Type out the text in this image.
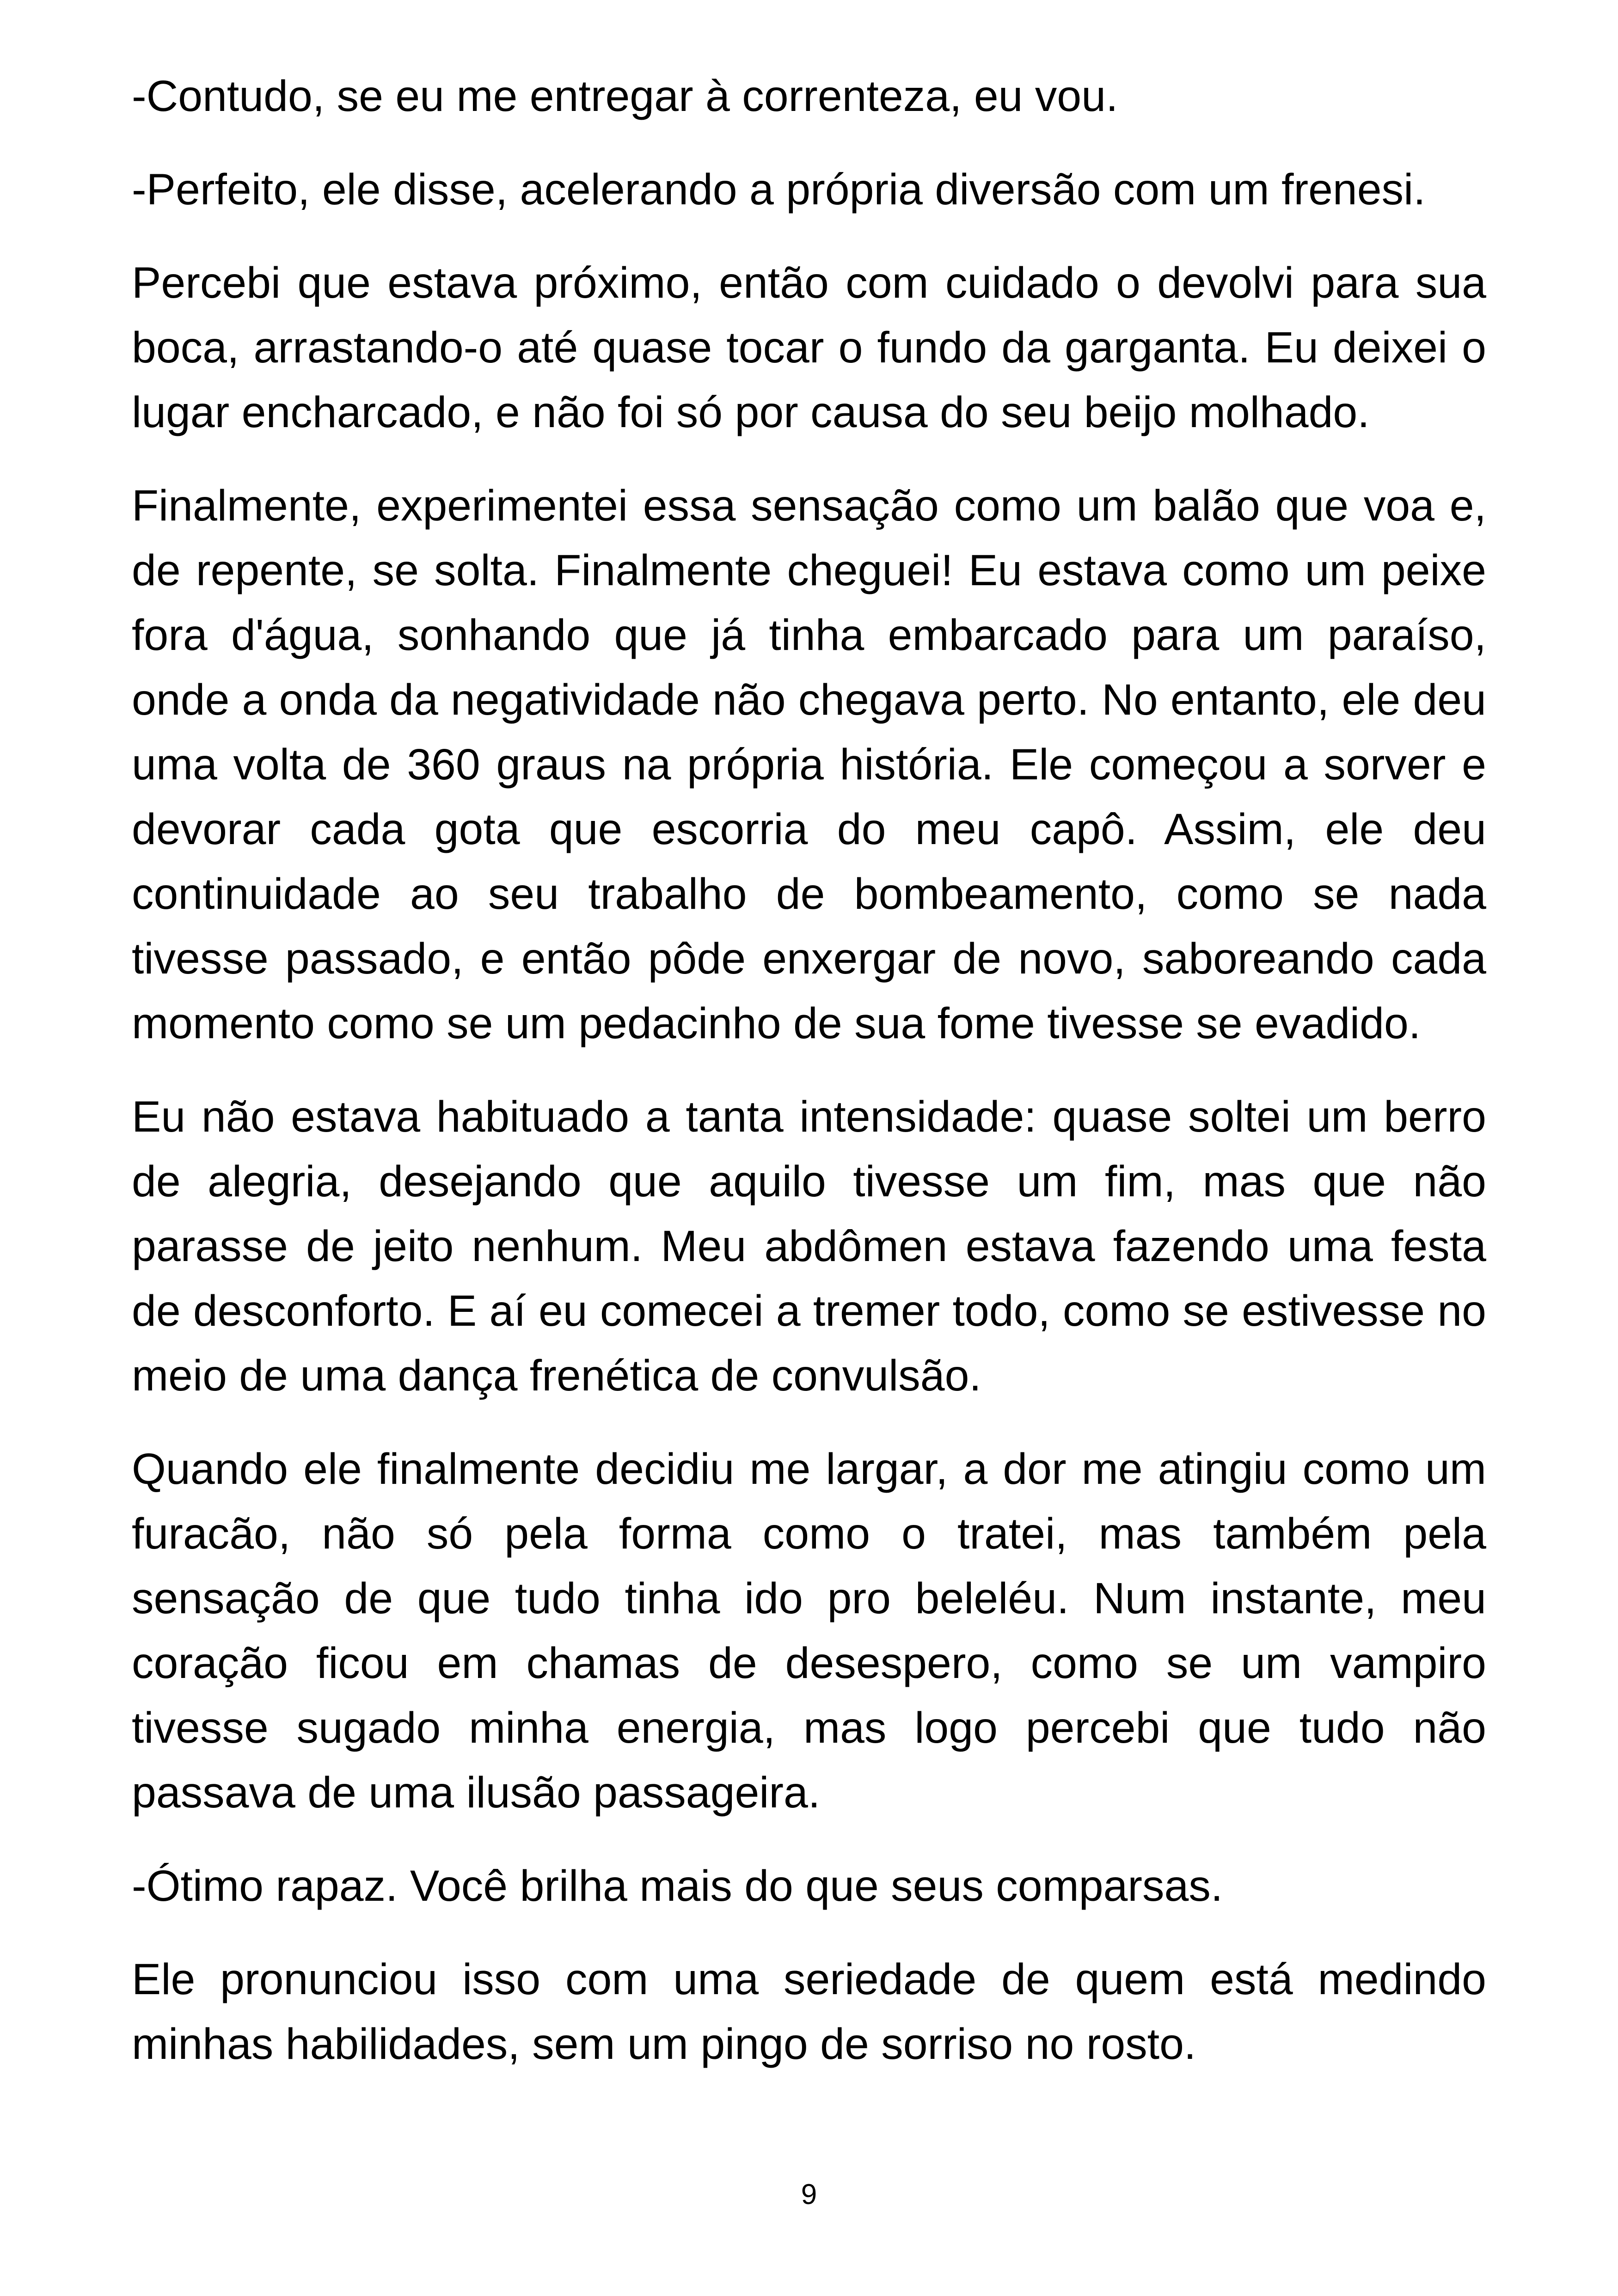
-Contudo, se eu me entregar à correnteza, eu vou.

-Perfeito, ele disse, acelerando a própria diversão com um frenesi.

Percebi que estava próximo, então com cuidado o devolvi para sua boca, arrastando-o até quase tocar o fundo da garganta. Eu deixei o lugar encharcado, e não foi só por causa do seu beijo molhado.

Finalmente, experimentei essa sensação como um balão que voa e, de repente, se solta. Finalmente cheguei! Eu estava como um peixe fora d'água, sonhando que já tinha embarcado para um paraíso, onde a onda da negatividade não chegava perto. No entanto, ele deu uma volta de 360 graus na própria história. Ele começou a sorver e devorar cada gota que escorria do meu capô. Assim, ele deu continuidade ao seu trabalho de bombeamento, como se nada tivesse passado, e então pôde enxergar de novo, saboreando cada momento como se um pedacinho de sua fome tivesse se evadido.

Eu não estava habituado a tanta intensidade: quase soltei um berro de alegria, desejando que aquilo tivesse um fim, mas que não parasse de jeito nenhum. Meu abdômen estava fazendo uma festa de desconforto. E aí eu comecei a tremer todo, como se estivesse no meio de uma dança frenética de convulsão.

Quando ele finalmente decidiu me largar, a dor me atingiu como um furacão, não só pela forma como o tratei, mas também pela sensação de que tudo tinha ido pro beleléu. Num instante, meu coração ficou em chamas de desespero, como se um vampiro tivesse sugado minha energia, mas logo percebi que tudo não passava de uma ilusão passageira.

-Ótimo rapaz. Você brilha mais do que seus comparsas.

Ele pronunciou isso com uma seriedade de quem está medindo minhas habilidades, sem um pingo de sorriso no rosto.

9
